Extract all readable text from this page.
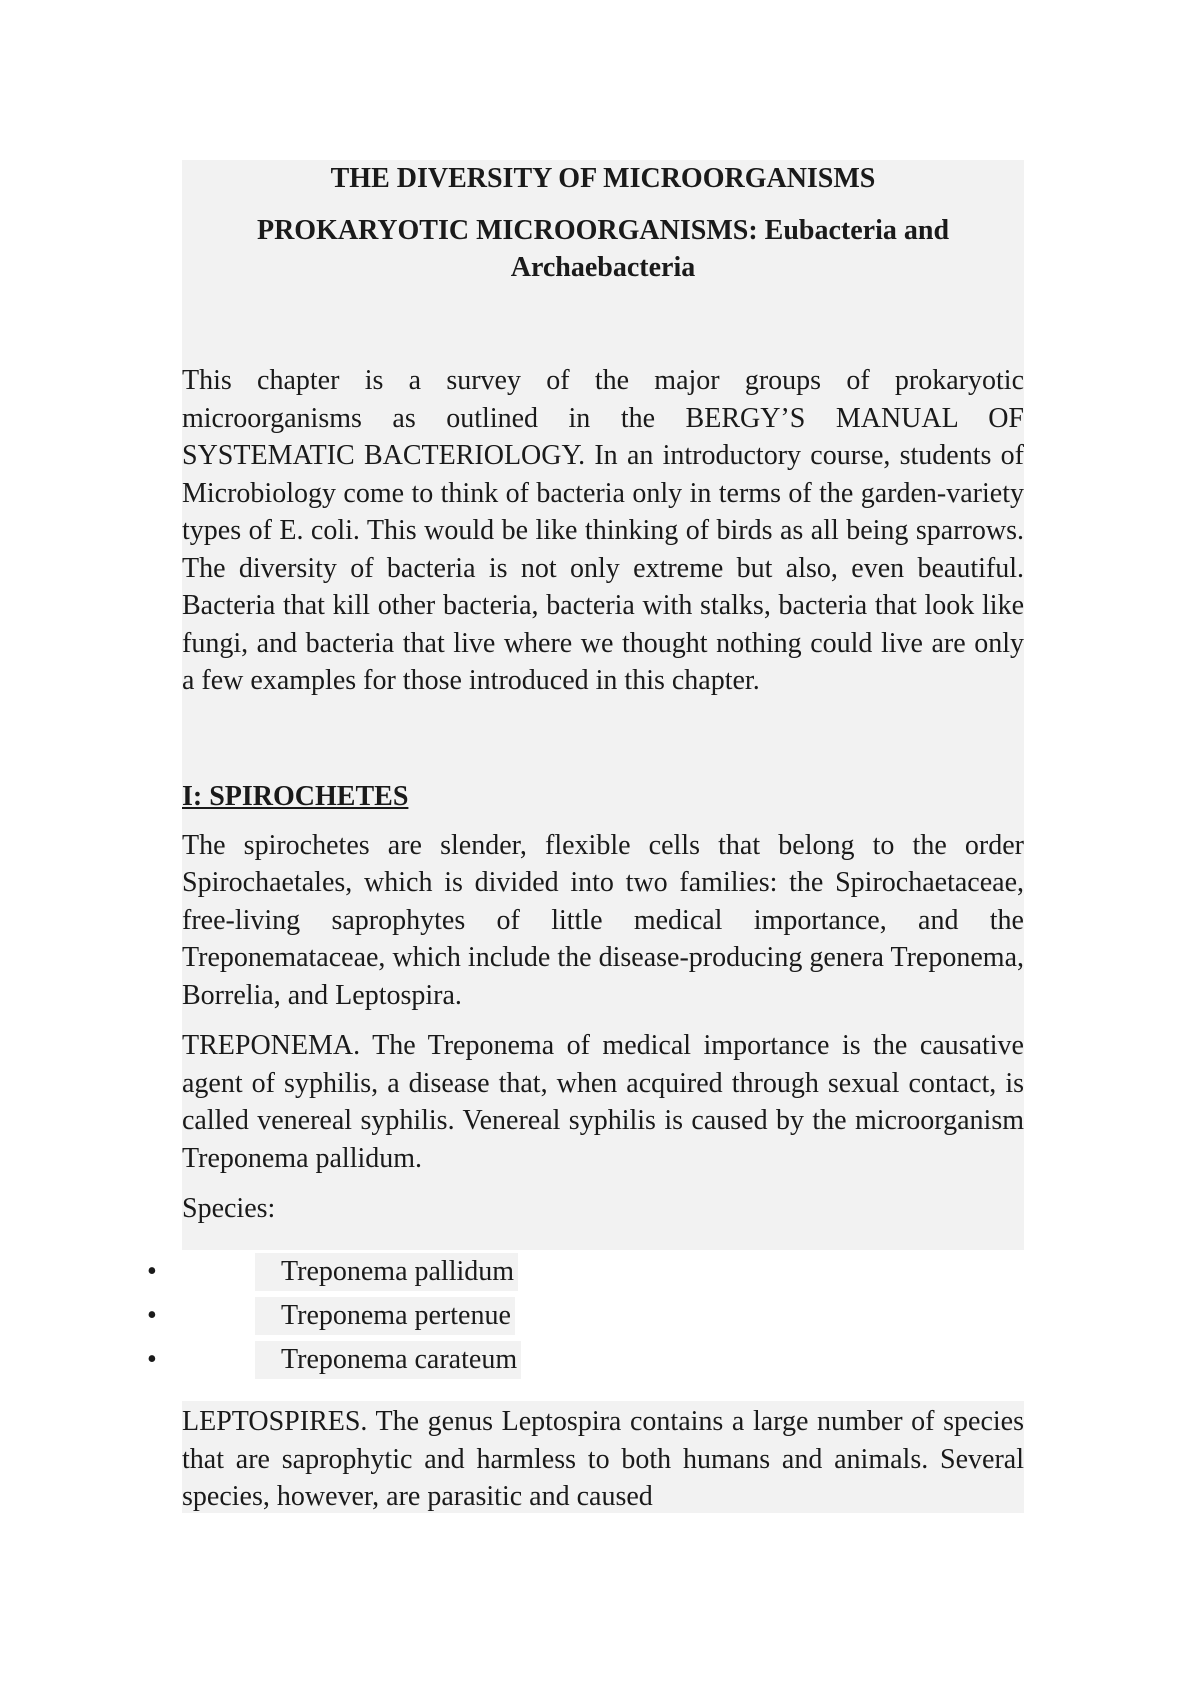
THE DIVERSITY OF MICROORGANISMS
PROKARYOTIC MICROORGANISMS: Eubacteria and Archaebacteria

This chapter is a survey of the major groups of prokaryotic microorganisms as outlined in the BERGY’S MANUAL OF SYSTEMATIC BACTERIOLOGY. In an introductory course, students of Microbiology come to think of bacteria only in terms of the garden-variety types of E. coli. This would be like thinking of birds as all being sparrows. The diversity of bacteria is not only extreme but also, even beautiful. Bacteria that kill other bacteria, bacteria with stalks, bacteria that look like fungi, and bacteria that live where we thought nothing could live are only a few examples for those introduced in this chapter.

I: SPIROCHETES

The spirochetes are slender, flexible cells that belong to the order Spirochaetales, which is divided into two families: the Spirochaetaceae, free-living saprophytes of little medical importance, and the Treponemataceae, which include the disease-producing genera Treponema, Borrelia, and Leptospira.

TREPONEMA. The Treponema of medical importance is the causative agent of syphilis, a disease that, when acquired through sexual contact, is called venereal syphilis. Venereal syphilis is caused by the microorganism Treponema pallidum.

Species:

•	Treponema pallidum
•	Treponema pertenue
•	Treponema carateum

LEPTOSPIRES. The genus Leptospira contains a large number of species that are saprophytic and harmless to both humans and animals. Several species, however, are parasitic and caused
